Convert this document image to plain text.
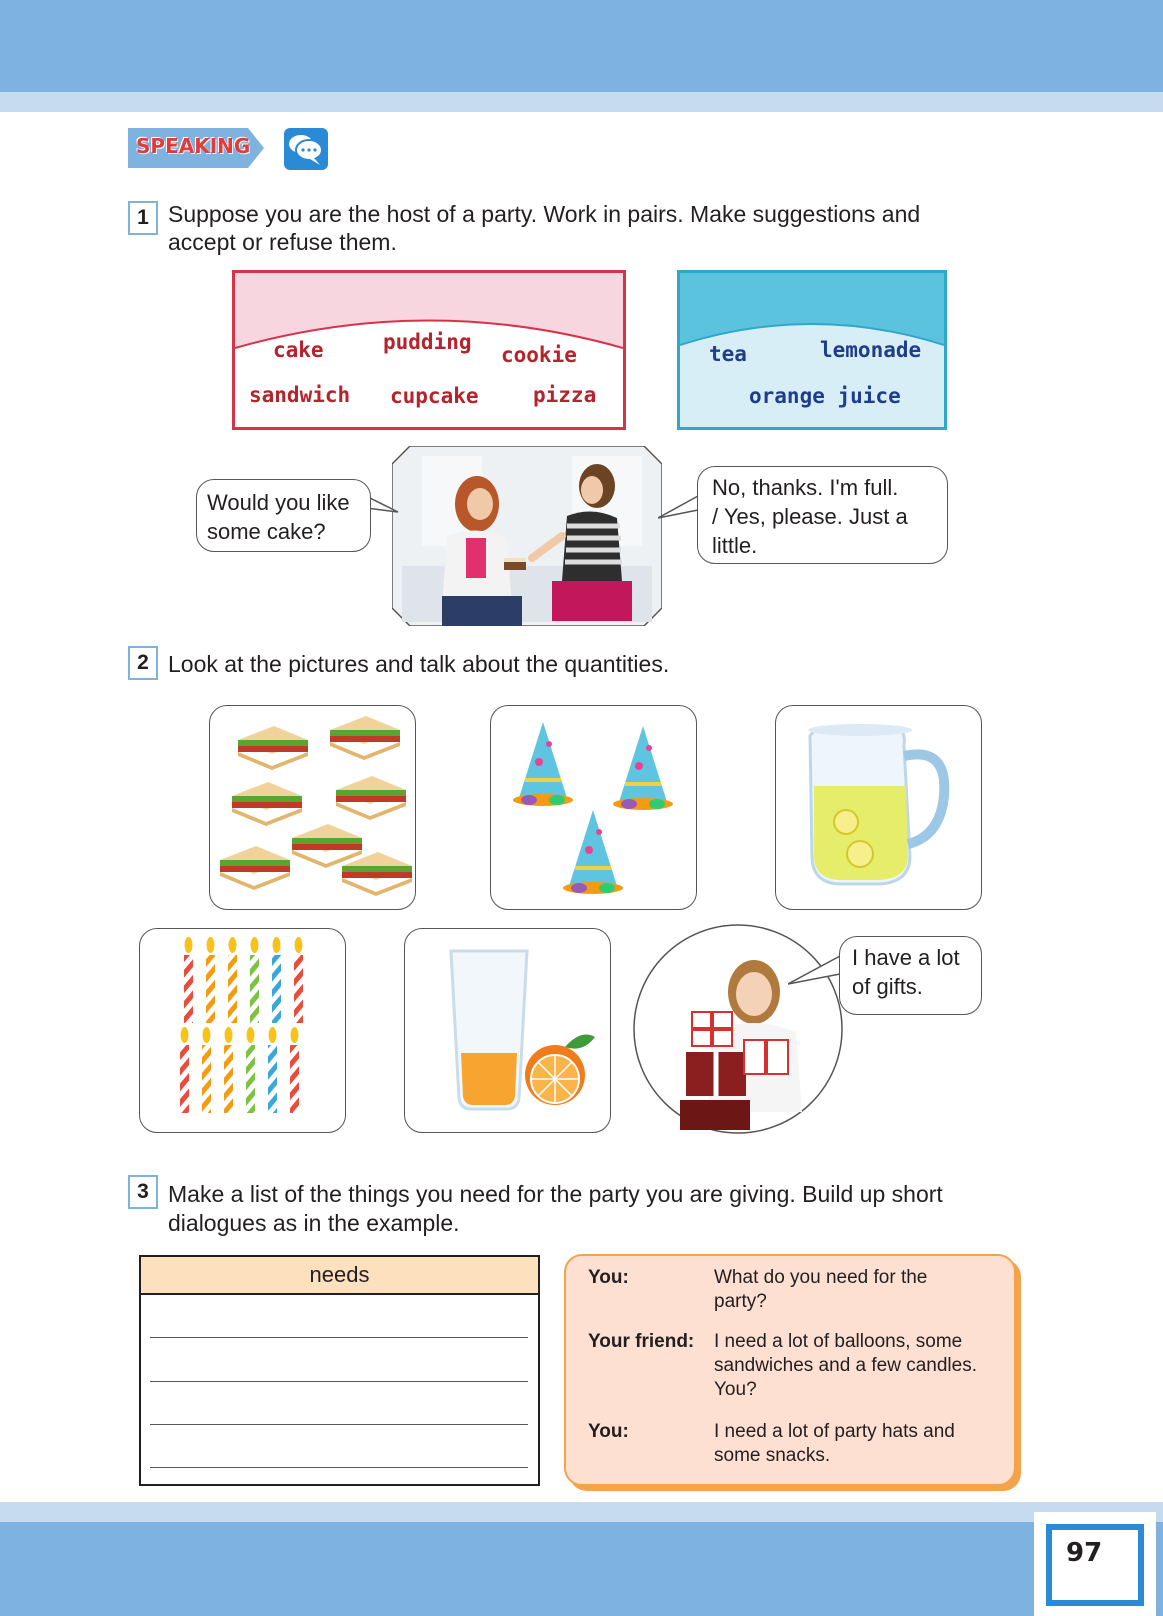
97
SPEAKING
1 Suppose you are the host of a party. Work in pairs. Make suggestions and
accept or refuse them.
cake	pudding
cookie
sandwich cupcake	pizza
tea	lemonade
orange juice
Would you like
some cake?
No, thanks. I'm full.
/ Yes, please. Just a
little.
2 Look at the pictures and talk about the quantities.
I have a lot
of gifts.
3 Make a list of the things you need for the party you are giving. Build up short
dialogues as in the example.
needs	You:	What do you need for the
party?
Your friend: I need a lot of balloons, some
sandwiches and a few candles.
You?
You:	I need a lot of party hats and
some snacks.
